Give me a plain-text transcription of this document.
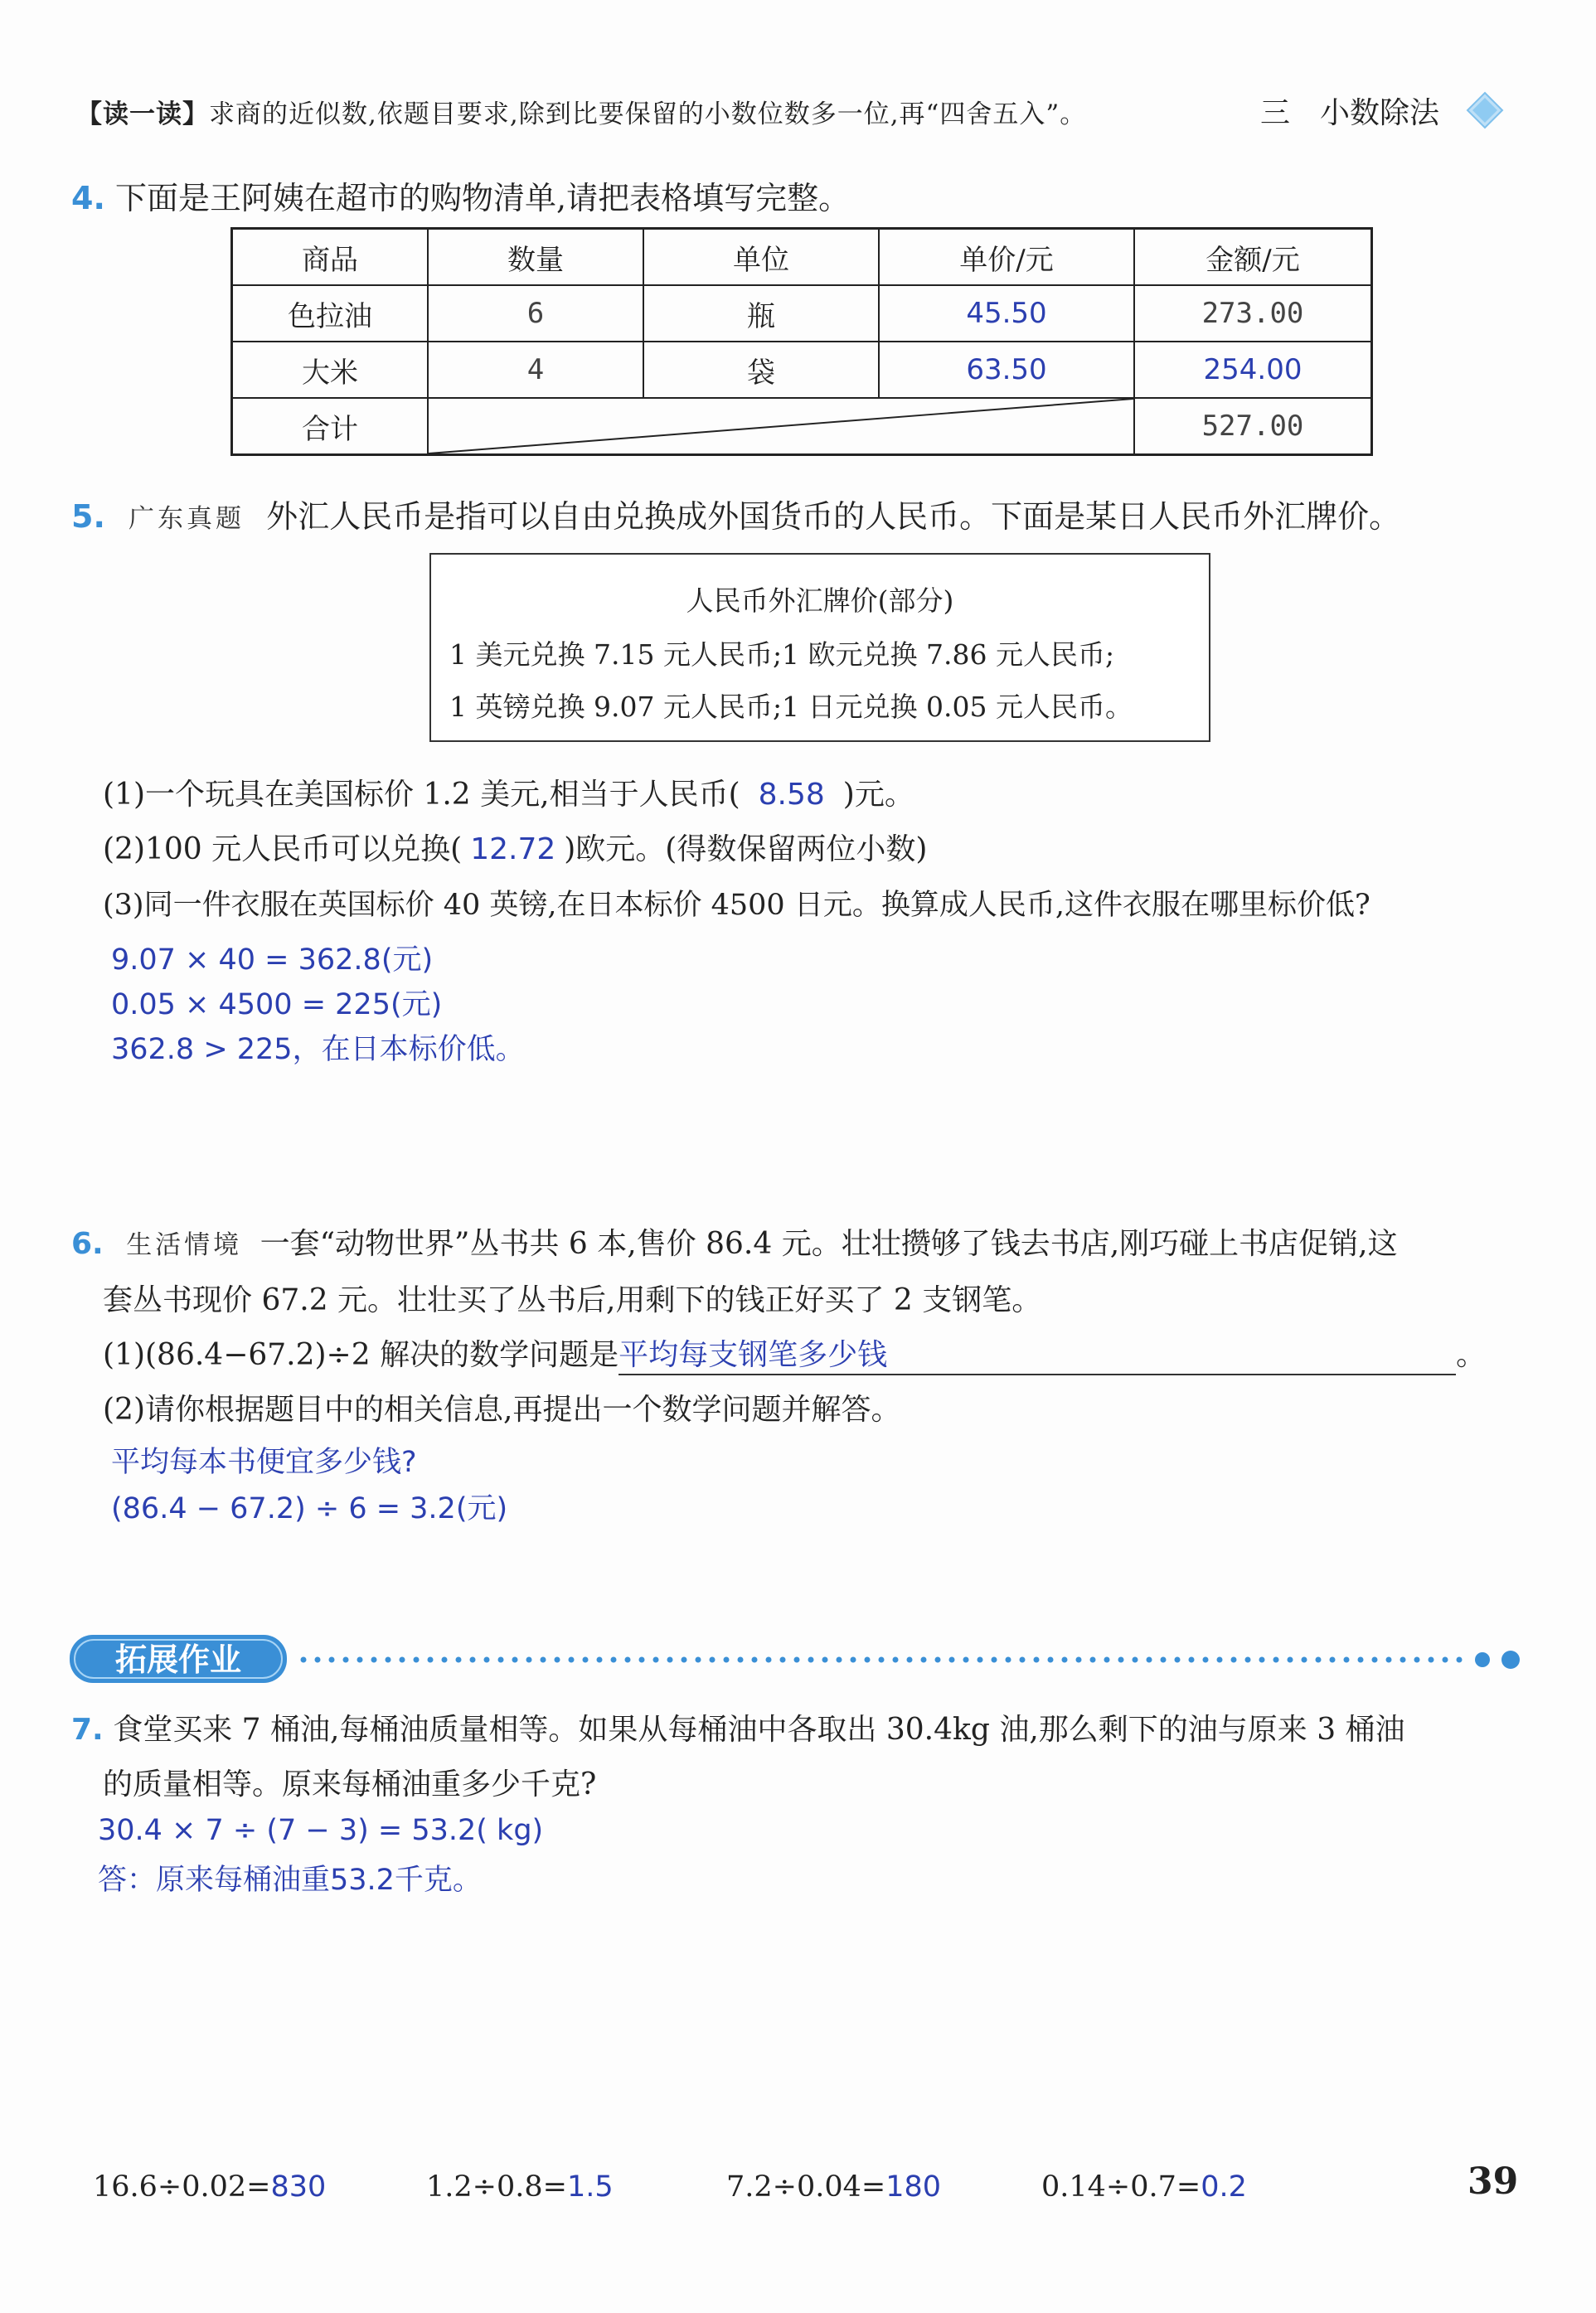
【读一读】求商的近似数,依题目要求,除到比要保留的小数位数多一位,再“四舍五入”。	三　小数除法
4. 下面是王阿姨在超市的购物清单,请把表格填写完整。
商品	数量	单位	单价/元	金额/元
色拉油	6	瓶	45.50	273.00
大米	4	袋	63.50	254.00
合计				527.00
5. 广东真题 外汇人民币是指可以自由兑换成外国货币的人民币。下面是某日人民币外汇牌价。
人民币外汇牌价(部分)
1 美元兑换 7.15 元人民币;1 欧元兑换 7.86 元人民币;
1 英镑兑换 9.07 元人民币;1 日元兑换 0.05 元人民币。
(1)一个玩具在美国标价 1.2 美元,相当于人民币( 8.58 )元。
(2)100 元人民币可以兑换( 12.72 )欧元。(得数保留两位小数)
(3)同一件衣服在英国标价 40 英镑,在日本标价 4500 日元。换算成人民币,这件衣服在哪里标价低?
9.07 × 40 = 362.8(元)
0.05 × 4500 = 225(元)
362.8 > 225，在日本标价低。
6. 生活情境 一套“动物世界”丛书共 6 本,售价 86.4 元。壮壮攒够了钱去书店,刚巧碰上书店促销,这
套丛书现价 67.2 元。壮壮买了丛书后,用剩下的钱正好买了 2 支钢笔。
(1)(86.4−67.2)÷2 解决的数学问题是平均每支钢笔多少钱	。
(2)请你根据题目中的相关信息,再提出一个数学问题并解答。
平均每本书便宜多少钱?
(86.4 − 67.2) ÷ 6 = 3.2(元)
拓展作业
7. 食堂买来 7 桶油,每桶油质量相等。如果从每桶油中各取出 30.4kg 油,那么剩下的油与原来 3 桶油
的质量相等。原来每桶油重多少千克?
30.4 × 7 ÷ (7 − 3) = 53.2( kg)
答：原来每桶油重53.2千克。
16.6÷0.02=830	1.2÷0.8=1.5	7.2÷0.04=180	0.14÷0.7=0.2	39
